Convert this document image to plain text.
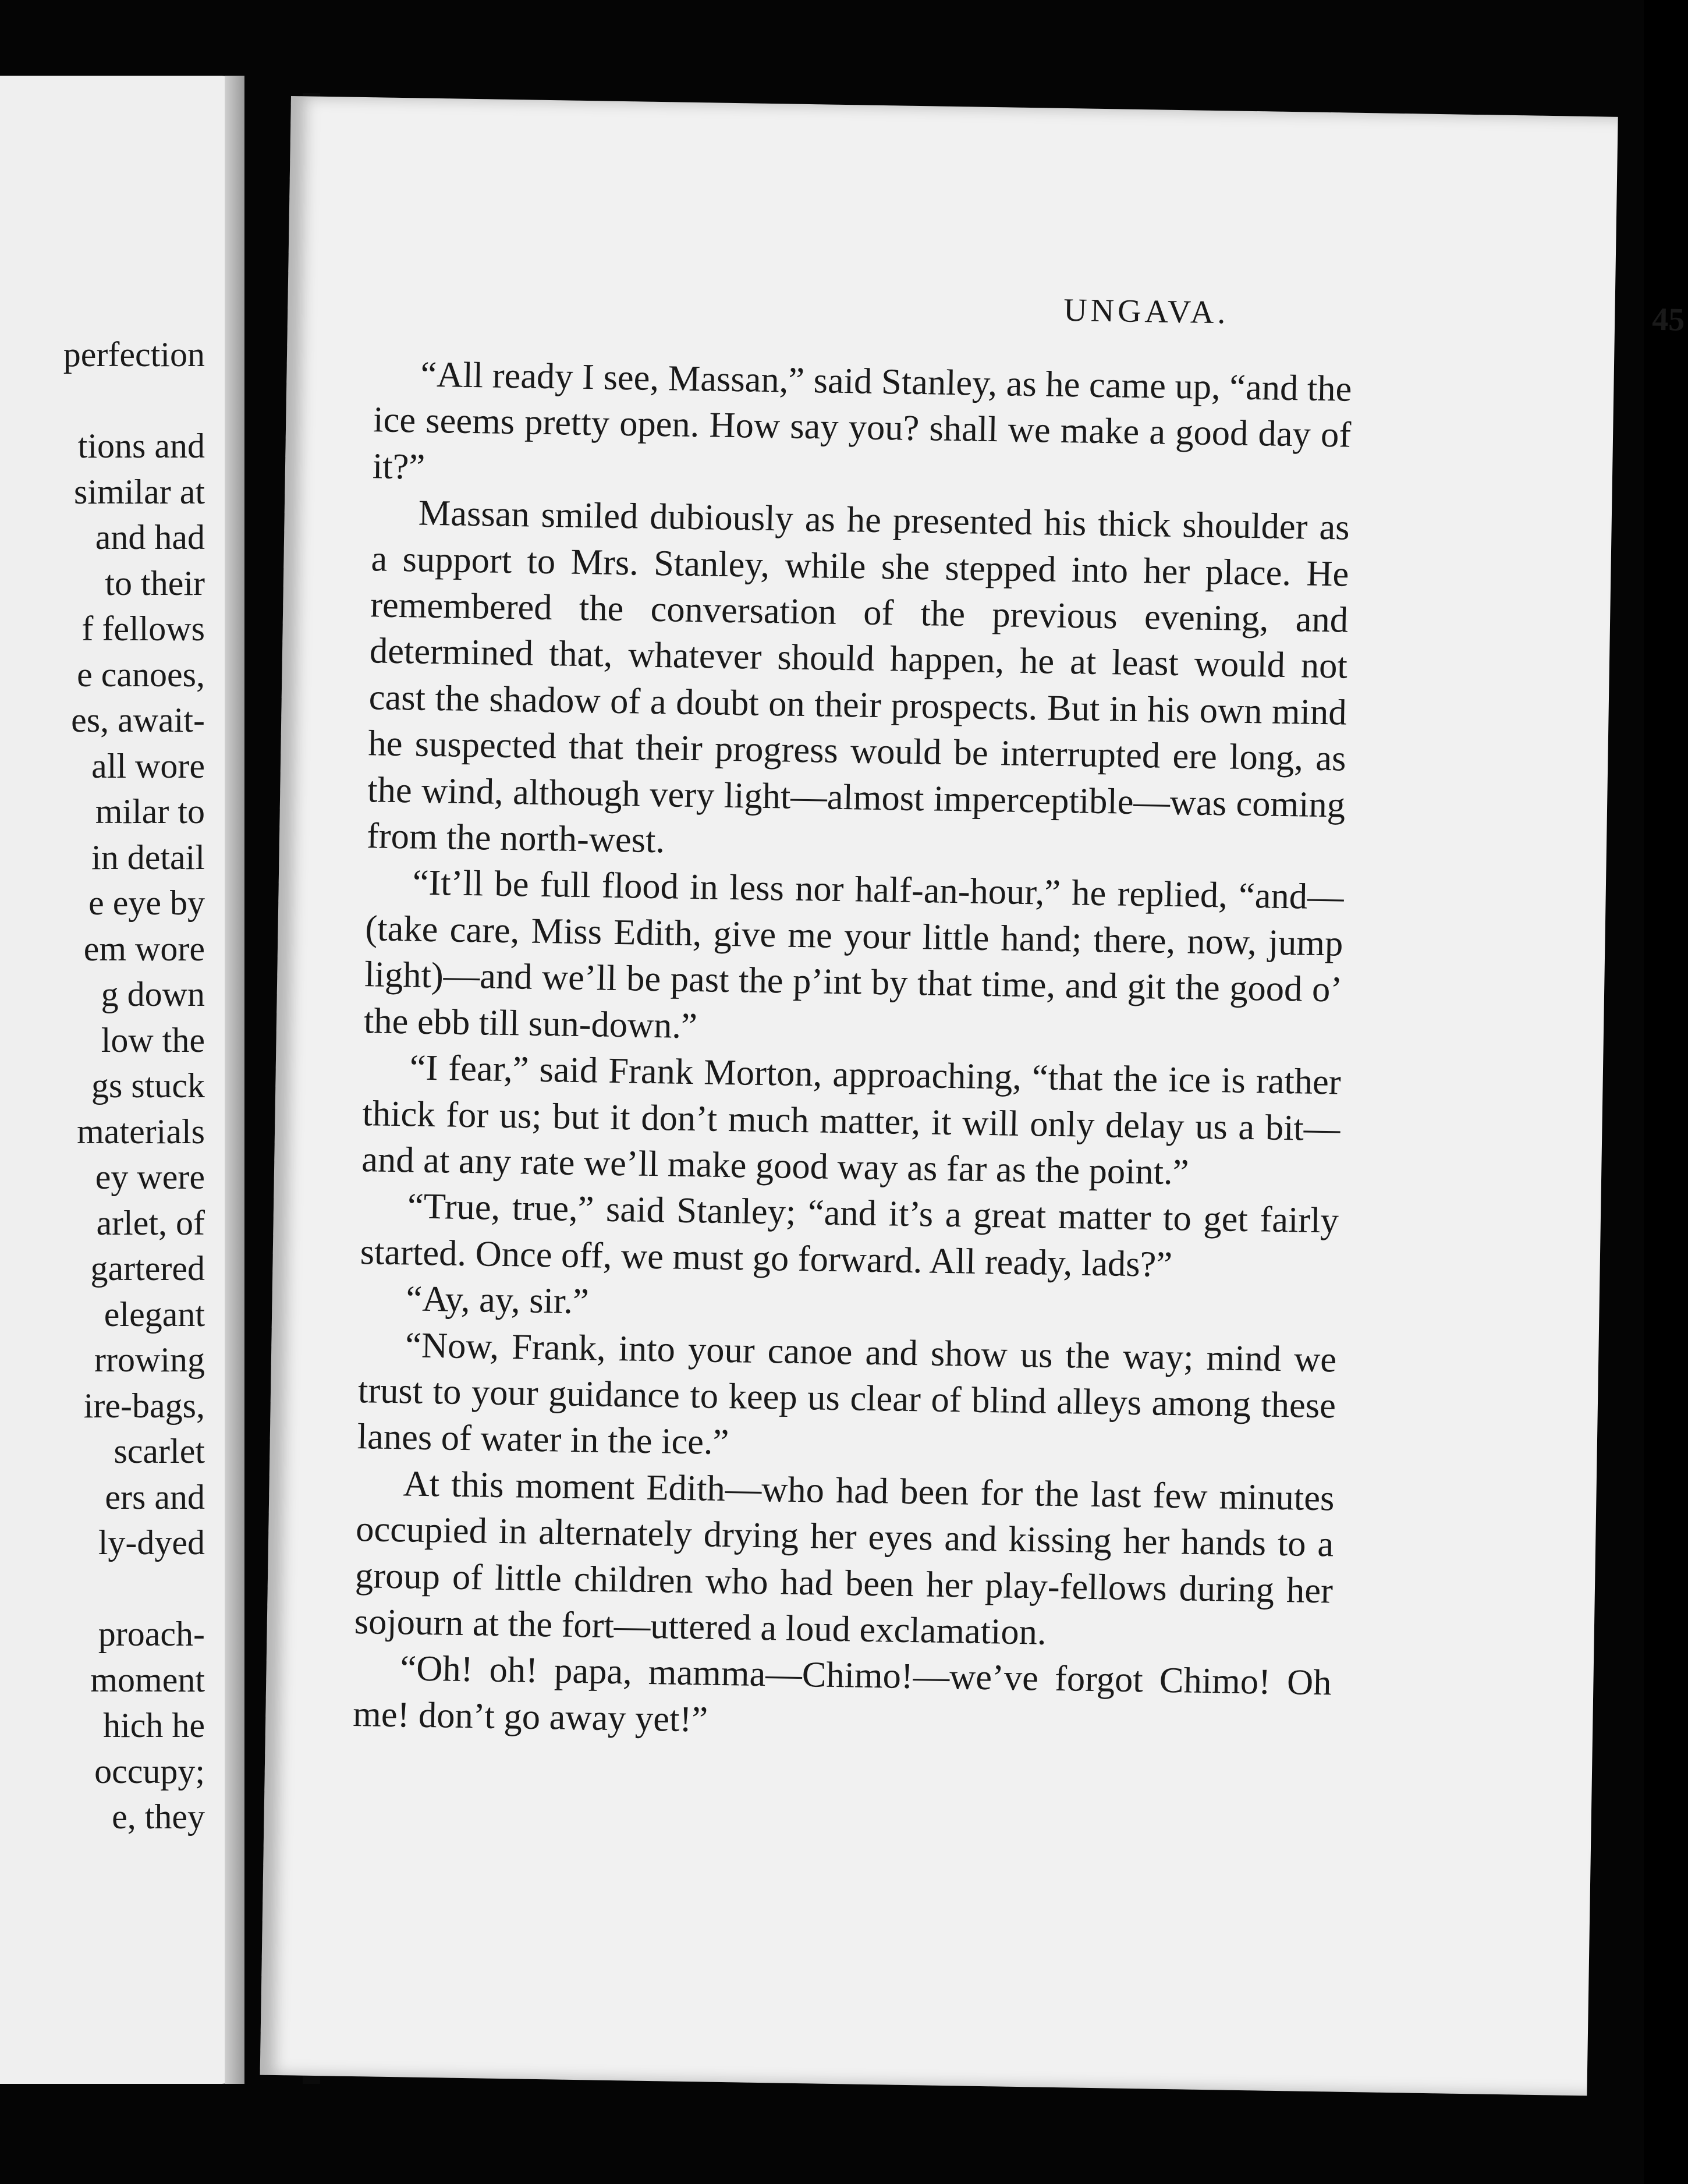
perfection
tions and
similar at
and had
to their
f fellows
e canoes,
es, await-
all wore
milar to
in detail
e eye by
em wore
g down
low the
gs stuck
materials
ey were
arlet, of
gartered
elegant
rrowing
ire-bags,
scarlet
ers and
ly-dyed
proach-
moment
hich he
occupy;
e, they
UNGAVA.	45

“All ready I see, Massan,” said Stanley, as he came up, “and the ice seems pretty open. How say you? shall we make a good day of it?”

Massan smiled dubiously as he presented his thick shoulder as a support to Mrs. Stanley, while she stepped into her place. He remembered the conversation of the previous evening, and determined that, whatever should happen, he at least would not cast the shadow of a doubt on their prospects. But in his own mind he suspected that their progress would be interrupted ere long, as the wind, although very light—almost imperceptible—was coming from the north-west.

“It’ll be full flood in less nor half-an-hour,” he replied, “and—(take care, Miss Edith, give me your little hand; there, now, jump light)—and we’ll be past the p’int by that time, and git the good o’ the ebb till sun-down.”

“I fear,” said Frank Morton, approaching, “that the ice is rather thick for us; but it don’t much matter, it will only delay us a bit—and at any rate we’ll make good way as far as the point.”

“True, true,” said Stanley; “and it’s a great matter to get fairly started. Once off, we must go forward. All ready, lads?”

“Ay, ay, sir.”

“Now, Frank, into your canoe and show us the way; mind we trust to your guidance to keep us clear of blind alleys among these lanes of water in the ice.”

At this moment Edith—who had been for the last few minutes occupied in alternately drying her eyes and kissing her hands to a group of little children who had been her play-fellows during her sojourn at the fort—uttered a loud exclamation.

“Oh! oh! papa, mamma—Chimo!—we’ve forgot Chimo! Oh me! don’t go away yet!”
